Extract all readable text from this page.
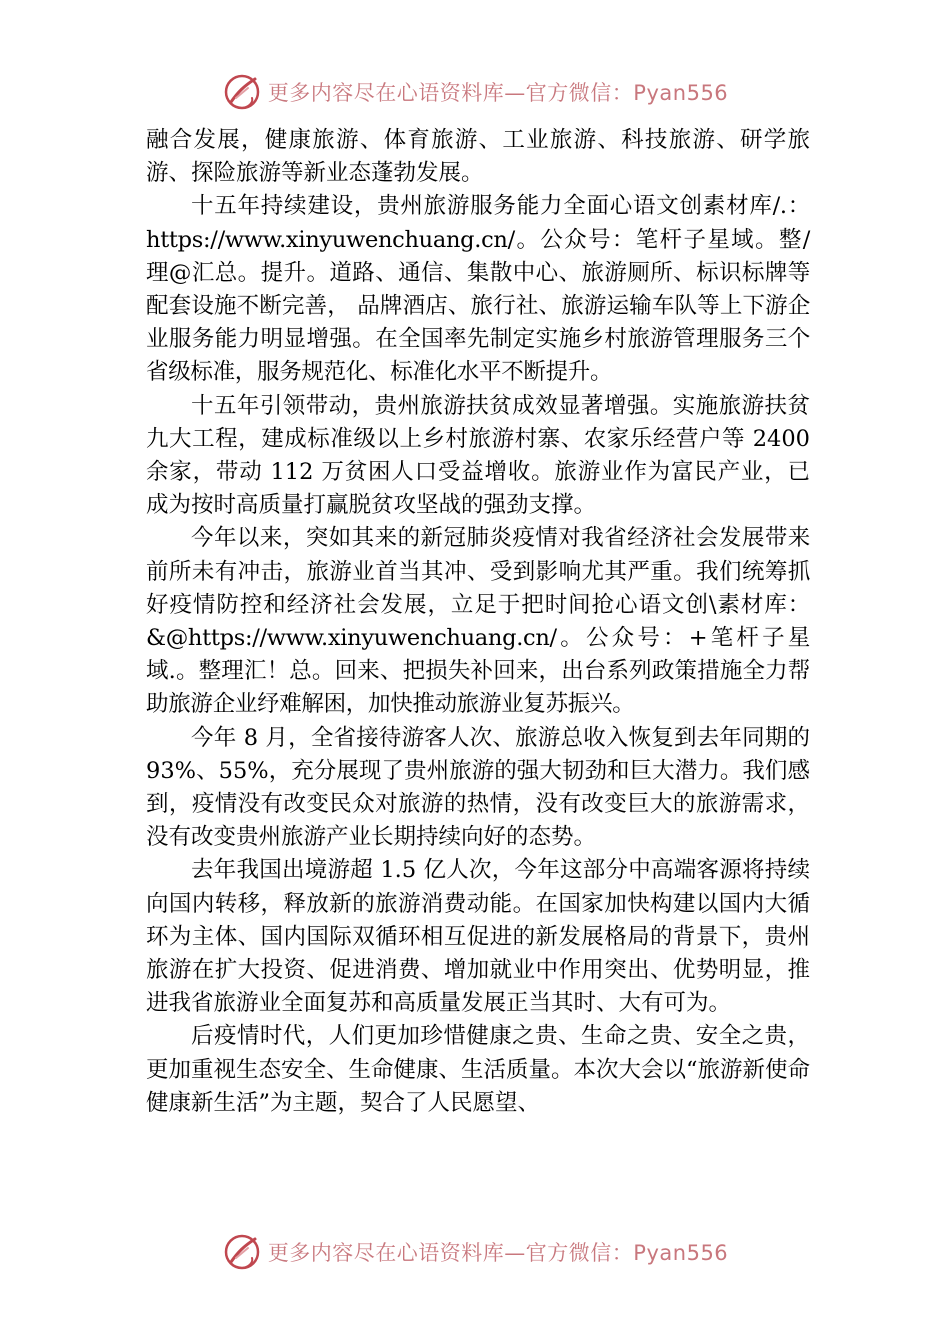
更多内容尽在心语资料库—官方微信：Pyan556

融合发展，健康旅游、体育旅游、工业旅游、科技旅游、研学旅游、探险旅游等新业态蓬勃发展。

十五年持续建设，贵州旅游服务能力全面心语文创素材库/.：https://www.xinyuwenchuang.cn/。公众号：笔杆子星域。整/理@汇总。提升。道路、通信、集散中心、旅游厕所、标识标牌等配套设施不断完善， 品牌酒店、旅行社、旅游运输车队等上下游企业服务能力明显增强。在全国率先制定实施乡村旅游管理服务三个省级标准，服务规范化、标准化水平不断提升。

十五年引领带动，贵州旅游扶贫成效显著增强。实施旅游扶贫九大工程，建成标准级以上乡村旅游村寨、农家乐经营户等 2400 余家，带动 112 万贫困人口受益增收。旅游业作为富民产业，已成为按时高质量打赢脱贫攻坚战的强劲支撑。

今年以来，突如其来的新冠肺炎疫情对我省经济社会发展带来前所未有冲击，旅游业首当其冲、受到影响尤其严重。我们统筹抓好疫情防控和经济社会发展，立足于把时间抢心语文创\素材库：&@https://www.xinyuwenchuang.cn/。公众号：+笔杆子星域.。整理汇！总。回来、把损失补回来，出台系列政策措施全力帮助旅游企业纾难解困，加快推动旅游业复苏振兴。

今年 8 月，全省接待游客人次、旅游总收入恢复到去年同期的 93%、55%，充分展现了贵州旅游的强大韧劲和巨大潜力。我们感到，疫情没有改变民众对旅游的热情，没有改变巨大的旅游需求，没有改变贵州旅游产业长期持续向好的态势。

去年我国出境游超 1.5 亿人次，今年这部分中高端客源将持续向国内转移，释放新的旅游消费动能。在国家加快构建以国内大循环为主体、国内国际双循环相互促进的新发展格局的背景下，贵州旅游在扩大投资、促进消费、增加就业中作用突出、优势明显，推进我省旅游业全面复苏和高质量发展正当其时、大有可为。

后疫情时代，人们更加珍惜健康之贵、生命之贵、安全之贵，更加重视生态安全、生命健康、生活质量。本次大会以“旅游新使命 健康新生活”为主题，契合了人民愿望、

更多内容尽在心语资料库—官方微信：Pyan556
